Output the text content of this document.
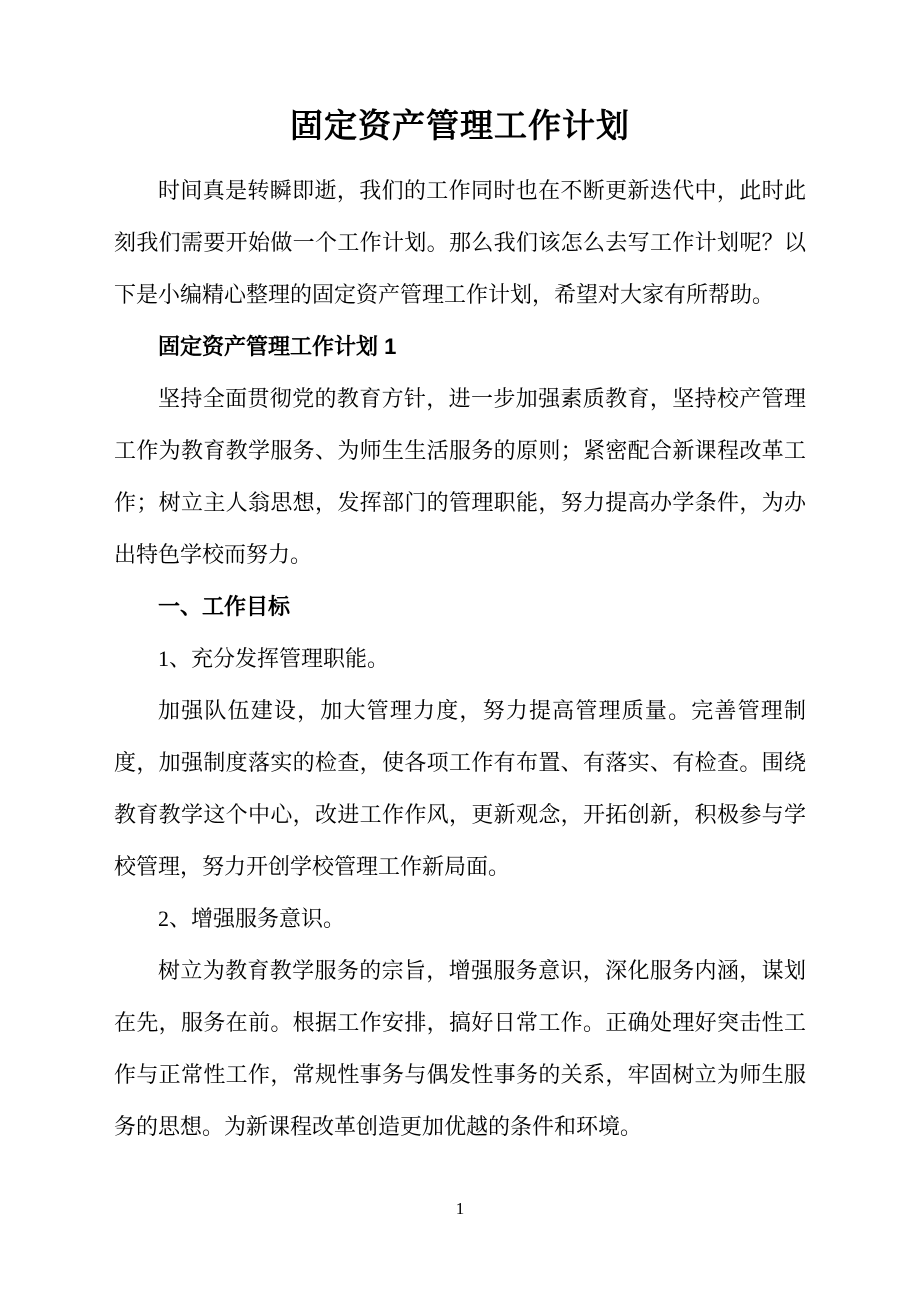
固定资产管理工作计划

时间真是转瞬即逝，我们的工作同时也在不断更新迭代中，此时此刻我们需要开始做一个工作计划。那么我们该怎么去写工作计划呢？以下是小编精心整理的固定资产管理工作计划，希望对大家有所帮助。

固定资产管理工作计划 1

坚持全面贯彻党的教育方针，进一步加强素质教育，坚持校产管理工作为教育教学服务、为师生生活服务的原则；紧密配合新课程改革工作；树立主人翁思想，发挥部门的管理职能，努力提高办学条件，为办出特色学校而努力。

一、工作目标

1、充分发挥管理职能。

加强队伍建设，加大管理力度，努力提高管理质量。完善管理制度，加强制度落实的检查，使各项工作有布置、有落实、有检查。围绕教育教学这个中心，改进工作作风，更新观念，开拓创新，积极参与学校管理，努力开创学校管理工作新局面。

2、增强服务意识。

树立为教育教学服务的宗旨，增强服务意识，深化服务内涵，谋划在先，服务在前。根据工作安排，搞好日常工作。正确处理好突击性工作与正常性工作，常规性事务与偶发性事务的关系，牢固树立为师生服务的思想。为新课程改革创造更加优越的条件和环境。

1
